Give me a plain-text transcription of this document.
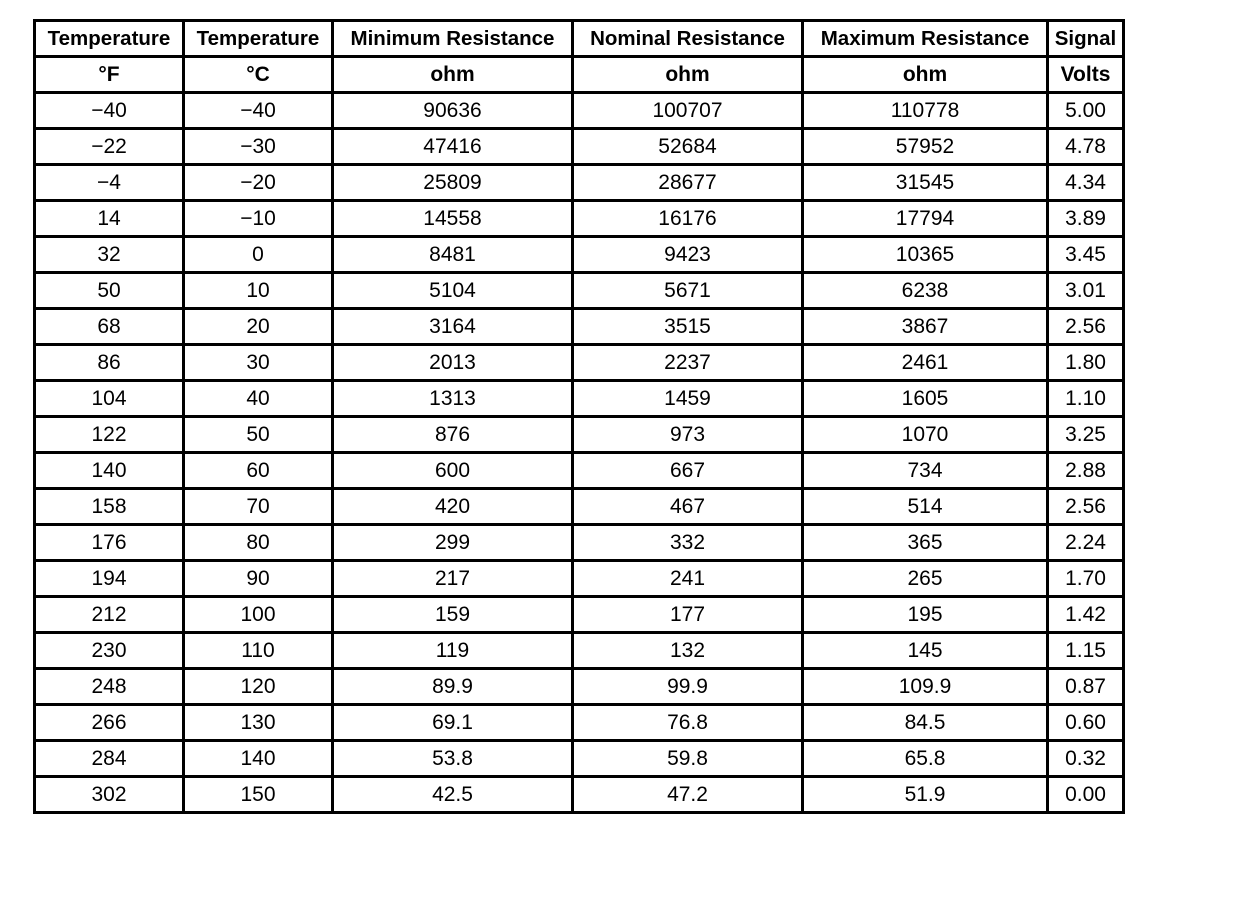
Temperature	Temperature	Minimum Resistance	Nominal Resistance	Maximum Resistance	Signal
°F	°C	ohm	ohm	ohm	Volts
−40	−40	90636	100707	110778	5.00
−22	−30	47416	52684	57952	4.78
−4	−20	25809	28677	31545	4.34
14	−10	14558	16176	17794	3.89
32	0	8481	9423	10365	3.45
50	10	5104	5671	6238	3.01
68	20	3164	3515	3867	2.56
86	30	2013	2237	2461	1.80
104	40	1313	1459	1605	1.10
122	50	876	973	1070	3.25
140	60	600	667	734	2.88
158	70	420	467	514	2.56
176	80	299	332	365	2.24
194	90	217	241	265	1.70
212	100	159	177	195	1.42
230	110	119	132	145	1.15
248	120	89.9	99.9	109.9	0.87
266	130	69.1	76.8	84.5	0.60
284	140	53.8	59.8	65.8	0.32
302	150	42.5	47.2	51.9	0.00
